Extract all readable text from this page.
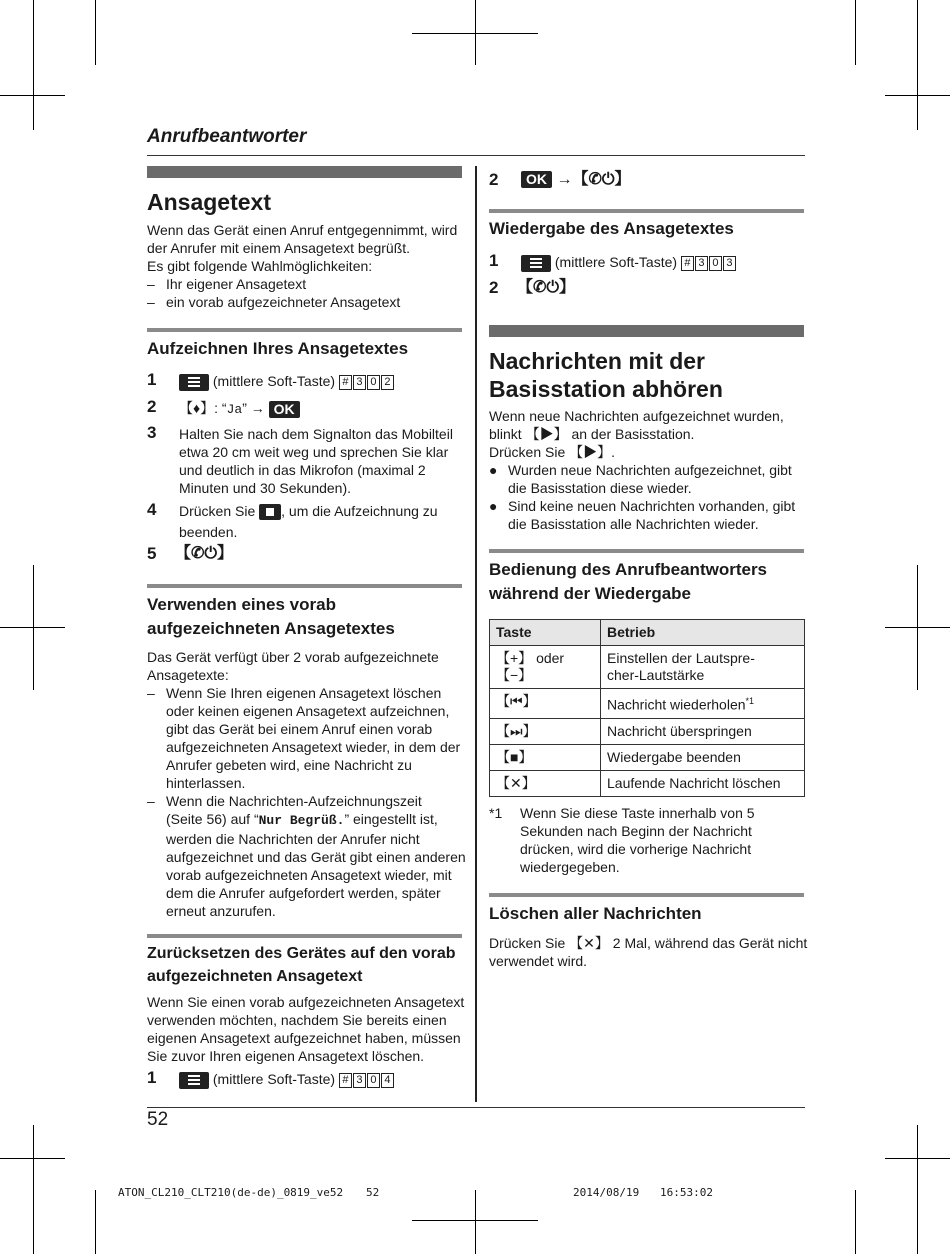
Anrufbeantworter
Ansagetext
Wenn das Gerät einen Anruf entgegennimmt, wird
der Anrufer mit einem Ansagetext begrüßt.
Es gibt folgende Wahlmöglichkeiten:
– Ihr eigener Ansagetext
– ein vorab aufgezeichneter Ansagetext
Aufzeichnen Ihres Ansagetextes
1	(mittlere Soft-Taste) # 3 0 2
2 【♦】: “Ja” → OK
3 Halten Sie nach dem Signalton das Mobilteil
etwa 20 cm weit weg und sprechen Sie klar
und deutlich in das Mikrofon (maximal 2
Minuten und 30 Sekunden).
4 Drücken Sie , um die Aufzeichnung zu
beenden.
5 【✆⏻】
Verwenden eines vorab
aufgezeichneten Ansagetextes
Das Gerät verfügt über 2 vorab aufgezeichnete
Ansagetexte:
– Wenn Sie Ihren eigenen Ansagetext löschen
oder keinen eigenen Ansagetext aufzeichnen,
gibt das Gerät bei einem Anruf einen vorab
aufgezeichneten Ansagetext wieder, in dem der
Anrufer gebeten wird, eine Nachricht zu
hinterlassen.
– Wenn die Nachrichten-Aufzeichnungszeit
(Seite 56) auf “Nur Begrüß.” eingestellt ist,
werden die Nachrichten der Anrufer nicht
aufgezeichnet und das Gerät gibt einen anderen
vorab aufgezeichneten Ansagetext wieder, mit
dem die Anrufer aufgefordert werden, später
erneut anzurufen.
Zurücksetzen des Gerätes auf den vorab
aufgezeichneten Ansagetext
Wenn Sie einen vorab aufgezeichneten Ansagetext
verwenden möchten, nachdem Sie bereits einen
eigenen Ansagetext aufgezeichnet haben, müssen
Sie zuvor Ihren eigenen Ansagetext löschen.
1	(mittlere Soft-Taste) # 3 0 4
2	OK →【✆⏻】
Wiedergabe des Ansagetextes
1	(mittlere Soft-Taste) # 3 0 3
2 【✆⏻】
Nachrichten mit der
Basisstation abhören
Wenn neue Nachrichten aufgezeichnet wurden,
blinkt 【▶】 an der Basisstation.
Drücken Sie 【▶】.
● Wurden neue Nachrichten aufgezeichnet, gibt
die Basisstation diese wieder.
● Sind keine neuen Nachrichten vorhanden, gibt
die Basisstation alle Nachrichten wieder.
Bedienung des Anrufbeantworters
während der Wiedergabe
Taste	Betrieb
【+】 oder 【−】	Einstellen der Lautspre-
cher-Lautstärke

【⏮】	Nachricht wiederholen$^{*1}$
【⏭】	Nachricht überspringen
【■】	Wiedergabe beenden
【✕】	Laufende Nachricht löschen
*1 Wenn Sie diese Taste innerhalb von 5
Sekunden nach Beginn der Nachricht
drücken, wird die vorherige Nachricht
wiedergegeben.
Löschen aller Nachrichten
Drücken Sie 【✕】 2 Mal, während das Gerät nicht
verwendet wird.
52
ATON_CL210_CLT210(de-de)_0819_ve52 52	2014/08/19 16:53:02
